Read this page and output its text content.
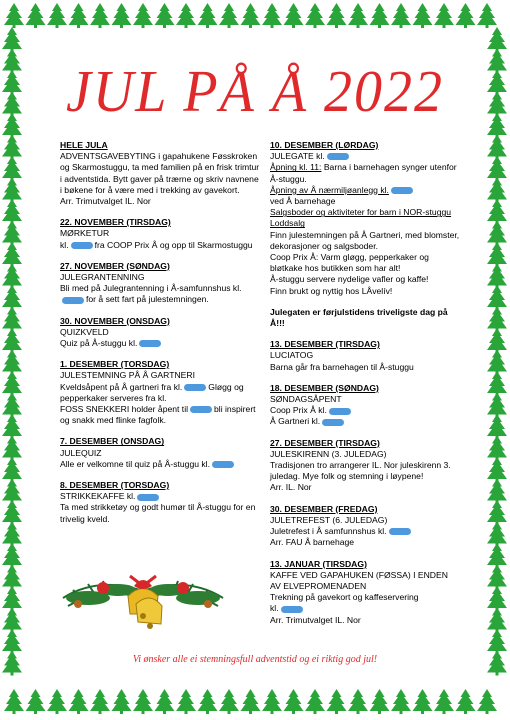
JUL PÅ Å 2022
HELE JULA
ADVENTSGAVEBYTING i gapahukene Føsskroken og Skarmostuggu, ta med familien på en frisk trimtur i adventstida. Bytt gaver på trærne og skriv navnene i bøkene for å være med i trekking av gavekort.
Arr. Trimutvalget IL. Nor
22. NOVEMBER (TIRSDAG)
MØRKETUR
kl.	fra COOP Prix Å og opp til Skarmostuggu
27. NOVEMBER (SØNDAG)
JULEGRANTENNING
Bli med på Julegrantenning i Å-samfunnshus kl.for å sett fart på julestemningen.
30. NOVEMBER (ONSDAG)
QUIZKVELD
Quiz på Å-stuggu kl.
1. DESEMBER (TORSDAG)
JULESTEMNING PÅ Å GARTNERI
Kveldsåpent på Å gartneri fra kl.	Gløgg og pepperkaker serveres fra kl.
FOSS SNEKKERI holder åpent til	bli inspirert og snakk med flinke fagfolk.
7. DESEMBER (ONSDAG)
JULEQUIZ
Alle er velkomne til quiz på Å-stuggu kl.
8. DESEMBER (TORSDAG)
STRIKKEKAFFE kl.
Ta med strikketøy og godt humør til Å-stuggu for en trivelig kveld.
10. DESEMBER (LØRDAG)
JULEGATE kl.
Åpning kl. 11: Barna i barnehagen synger utenfor Å-stuggu.
Åpning av Å nærmiljøanlegg kl.
ved Å barnehage
Salgsboder og aktiviteter for barn i NOR-stuggu
Loddsalg
Finn julestemningen på Å Gartneri, med blomster, dekorasjoner og salgsboder.
Coop Prix Å: Varm gløgg, pepperkaker og bløtkake hos butikken som har alt!
Å-stuggu servere nydelige vafler og kaffe!
Finn brukt og nyttig hos LÅvelív!
Julegaten er førjulstidens triveligste dag på Å!!!
13. DESEMBER (TIRSDAG)
LUCIATOG
Barna går fra barnehagen til Å-stuggu
18. DESEMBER (SØNDAG)
SØNDAGSÅPENT
Coop Prix Å kl.
Å Gartneri kl.
27. DESEMBER (TIRSDAG)
JULESKIRENN (3. JULEDAG)
Tradisjonen tro arrangerer IL. Nor juleskirenn 3. juledag. Mye folk og stemning i løypene!
Arr. IL. Nor
30. DESEMBER (FREDAG)
JULETREFEST (6. JULEDAG)
Juletrefest i Å samfunnshus kl.
Arr. FAU Å barnehage
13. JANUAR (TIRSDAG)
KAFFE VED GAPAHUKEN (FØSSA) I ENDEN AV ELVEPROMENADEN
Trekning på gavekort og kaffeservering
kl.
Arr. Trimutvalget IL. Nor
Vi ønsker alle ei stemningsfull adventstid og ei riktig god jul!
